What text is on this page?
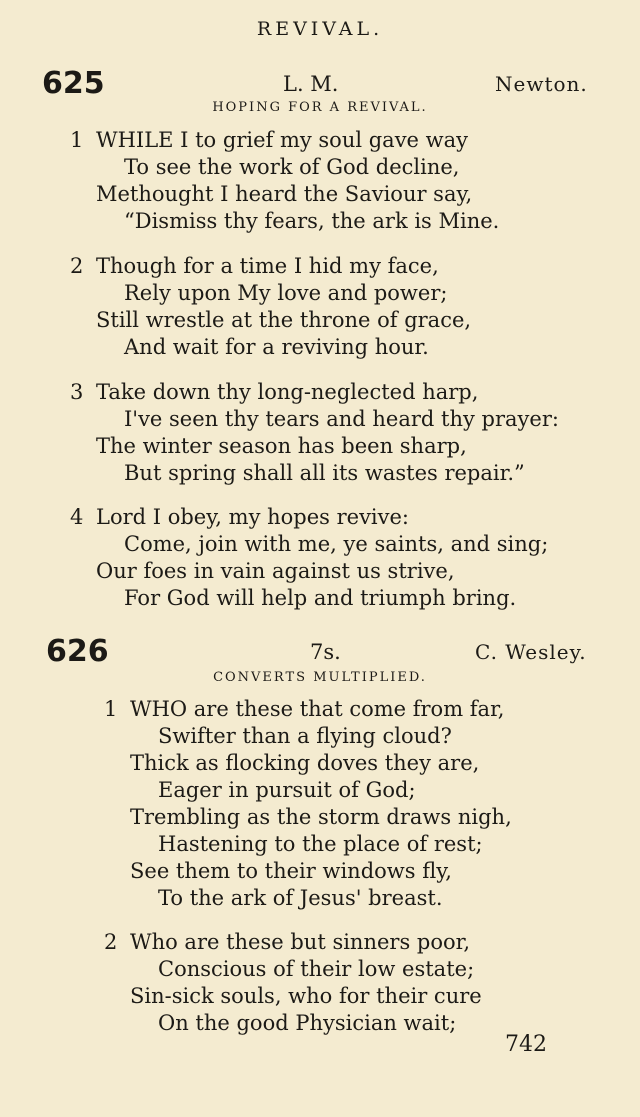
REVIVAL.
625	L. M.	Newton.
HOPING FOR A REVIVAL.
1 WHILE I to grief my soul gave way
To see the work of God decline,
Methought I heard the Saviour say,
“Dismiss thy fears, the ark is Mine.
2 Though for a time I hid my face,
Rely upon My love and power;
Still wrestle at the throne of grace,
And wait for a reviving hour.
3 Take down thy long-neglected harp,
I've seen thy tears and heard thy prayer:
The winter season has been sharp,
But spring shall all its wastes repair.”
4 Lord I obey, my hopes revive:
Come, join with me, ye saints, and sing;
Our foes in vain against us strive,
For God will help and triumph bring.
626	7s.	C. Wesley.
CONVERTS MULTIPLIED.
1 WHO are these that come from far,
Swifter than a flying cloud?
Thick as flocking doves they are,
Eager in pursuit of God;
Trembling as the storm draws nigh,
Hastening to the place of rest;
See them to their windows fly,
To the ark of Jesus' breast.
2 Who are these but sinners poor,
Conscious of their low estate;
Sin-sick souls, who for their cure
On the good Physician wait;
742
